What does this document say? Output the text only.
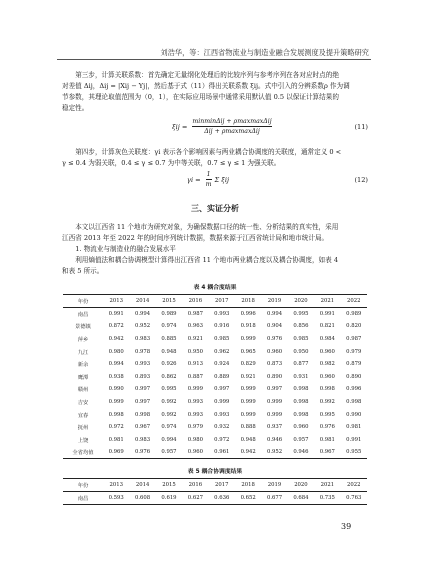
刘浩华，等：江西省物流业与制造业融合发展测度及提升策略研究
第三步，计算关联系数：首先确定无量纲化处理后的比较序列与参考序列在各对应时点的绝
对差值 Δij，Δij = |Xij − Yj|，然后基于式（11）得出关联系数 ξij。式中引入的分辨系数ρ 作为调
节参数，其理论取值范围为（0，1），在实际应用场景中通常采用默认值 0.5 以保证计算结果的
稳定性。
$\xi ij = \frac{\text{minminΔij + ρmaxmaxΔij}}{\text{Δij + ρmaxmaxΔij}}$	(11)
第四步，计算灰色关联度：γi 表示各个影响因素与两业耦合协调度的关联度，通常定义 0 <
γ ≤ 0.4 为弱关联，0.4 ≤ γ ≤ 0.7 为中等关联，0.7 ≤ γ ≤ 1 为强关联。
$\gamma i = \frac{1}{m}$ Σ ξij	(12)
三、实证分析
本文以江西省 11 个地市为研究对象，为确保数据口径的统一性、分析结果的真实性，采用
江西省 2013 年至 2022 年的时间序列统计数据，数据来源于江西省统计局和地市统计局。
1. 物流业与制造业的融合发展水平
利用熵值法和耦合协调模型计算得出江西省 11 个地市两业耦合度以及耦合协调度，如表 4
和表 5 所示。
表 4 耦合度结果
年份	2013	2014	2015	2016	2017	2018	2019	2020	2021	2022
南昌	0.991	0.994	0.989	0.987	0.993	0.996	0.994	0.995	0.991	0.989
景德镇	0.872	0.952	0.974	0.963	0.916	0.918	0.904	0.856	0.821	0.820
萍乡	0.942	0.983	0.885	0.921	0.985	0.999	0.976	0.985	0.984	0.987
九江	0.980	0.978	0.948	0.950	0.962	0.965	0.960	0.950	0.960	0.979
新余	0.994	0.993	0.926	0.913	0.924	0.829	0.873	0.877	0.982	0.879
鹰潭	0.938	0.893	0.862	0.887	0.889	0.921	0.890	0.931	0.960	0.890
赣州	0.990	0.997	0.995	0.999	0.997	0.999	0.997	0.998	0.998	0.996
吉安	0.999	0.997	0.992	0.993	0.999	0.999	0.999	0.998	0.992	0.998
宜春	0.998	0.998	0.992	0.993	0.993	0.999	0.999	0.998	0.995	0.990
抚州	0.972	0.967	0.974	0.979	0.932	0.888	0.937	0.960	0.976	0.981
上饶	0.981	0.983	0.994	0.980	0.972	0.948	0.946	0.957	0.981	0.991
全省均值	0.969	0.976	0.957	0.960	0.961	0.942	0.952	0.946	0.967	0.955
表 5 耦合协调度结果
年份	2013	2014	2015	2016	2017	2018	2019	2020	2021	2022
南昌	0.593	0.608	0.619	0.627	0.636	0.652	0.677	0.684	0.735	0.763
39
